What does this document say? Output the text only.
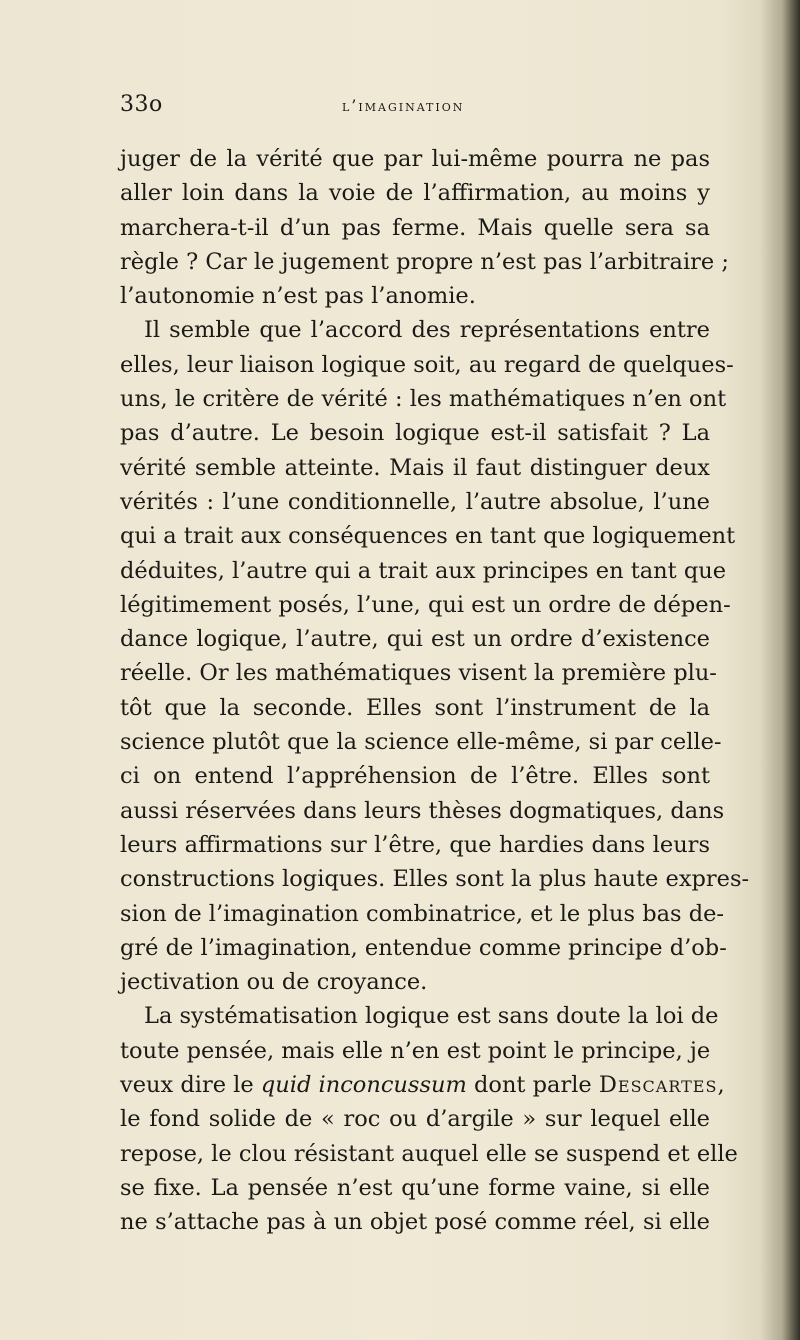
33o	l’imagination
juger de la vérité que par lui-même pourra ne pas
aller loin dans la voie de l’affirmation, au moins y
marchera-t-il d’un pas ferme. Mais quelle sera sa
règle ? Car le jugement propre n’est pas l’arbitraire ;
l’autonomie n’est pas l’anomie.
Il semble que l’accord des représentations entre
elles, leur liaison logique soit, au regard de quelques-
uns, le critère de vérité : les mathématiques n’en ont
pas d’autre. Le besoin logique est-il satisfait ? La
vérité semble atteinte. Mais il faut distinguer deux
vérités : l’une conditionnelle, l’autre absolue, l’une
qui a trait aux conséquences en tant que logiquement
déduites, l’autre qui a trait aux principes en tant que
légitimement posés, l’une, qui est un ordre de dépen-
dance logique, l’autre, qui est un ordre d’existence
réelle. Or les mathématiques visent la première plu-
tôt que la seconde. Elles sont l’instrument de la
science plutôt que la science elle-même, si par celle-
ci on entend l’appréhension de l’être. Elles sont
aussi réservées dans leurs thèses dogmatiques, dans
leurs affirmations sur l’être, que hardies dans leurs
constructions logiques. Elles sont la plus haute expres-
sion de l’imagination combinatrice, et le plus bas de-
gré de l’imagination, entendue comme principe d’ob-
jectivation ou de croyance.
La systématisation logique est sans doute la loi de
toute pensée, mais elle n’en est point le principe, je
veux dire le quid inconcussum dont parle Descartes,
le fond solide de « roc ou d’argile » sur lequel elle
repose, le clou résistant auquel elle se suspend et elle
se fixe. La pensée n’est qu’une forme vaine, si elle
ne s’attache pas à un objet posé comme réel, si elle
